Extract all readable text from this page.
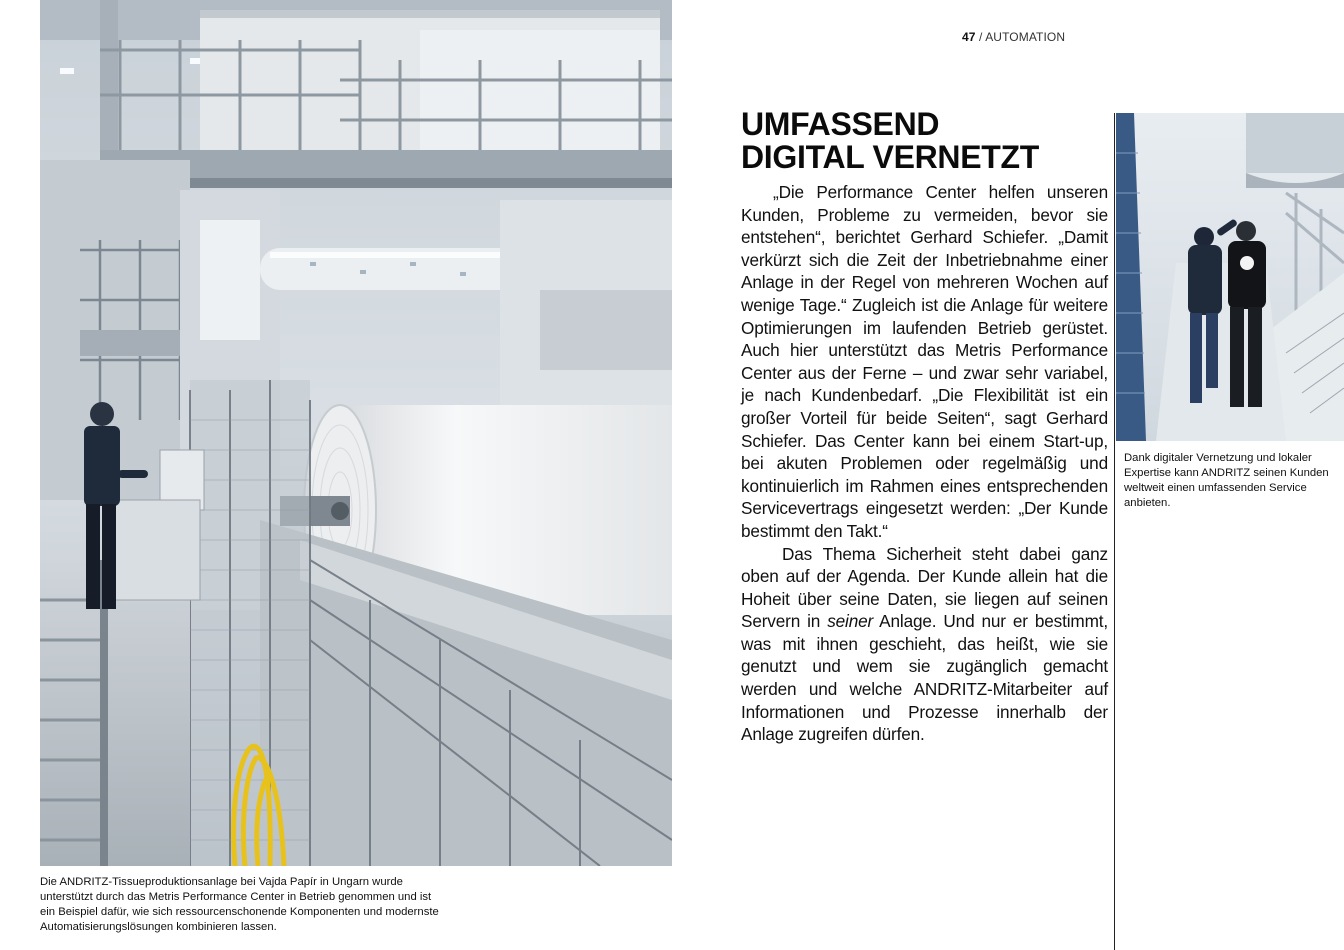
Die ANDRITZ-Tissueproduktionsanlage bei Vajda Papír in Ungarn wurde unterstützt durch das Metris Performance Center in Betrieb genommen und ist ein Beispiel dafür, wie sich ressourcenschonende Komponenten und modernste Automatisierungslösungen kombinieren lassen.
47 / AUTOMATION
UMFASSEND
DIGITAL VERNETZT

„Die Performance Center helfen unseren Kunden, Probleme zu vermeiden, bevor sie entstehen“, berichtet Gerhard Schiefer. „Damit verkürzt sich die Zeit der Inbetriebnahme einer Anlage in der Regel von mehreren Wochen auf wenige Tage.“ Zugleich ist die Anlage für weitere Optimierungen im laufenden Betrieb gerüstet. Auch hier unterstützt das Metris Performance Center aus der Ferne – und zwar sehr variabel, je nach Kundenbedarf. „Die Flexibilität ist ein großer Vorteil für beide Seiten“, sagt Gerhard Schiefer. Das Center kann bei einem Start-up, bei akuten Problemen oder regelmäßig und kontinuierlich im Rahmen eines entsprechenden Servicevertrags eingesetzt werden: „Der Kunde bestimmt den Takt.“

Das Thema Sicherheit steht dabei ganz oben auf der Agenda. Der Kunde allein hat die Hoheit über seine Daten, sie liegen auf seinen Servern in seiner Anlage. Und nur er bestimmt, was mit ihnen geschieht, das heißt, wie sie genutzt und wem sie zugänglich gemacht werden und welche ANDRITZ-Mitarbeiter auf Informationen und Prozesse innerhalb der Anlage zugreifen dürfen.

Dank digitaler Vernetzung und lokaler Expertise kann ANDRITZ seinen Kunden weltweit einen umfassenden Service anbieten.
